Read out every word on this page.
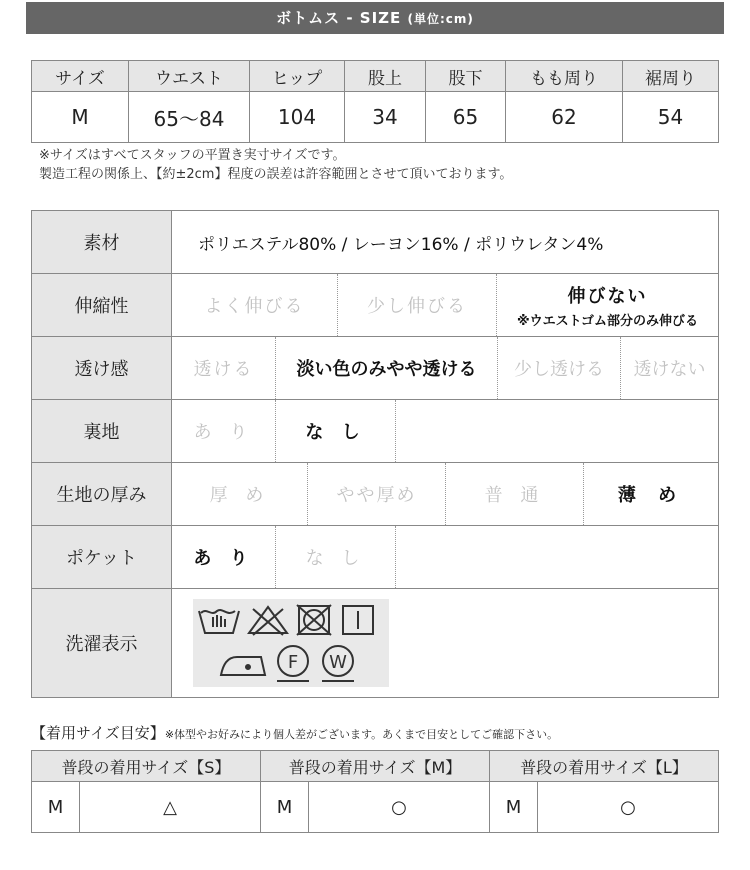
ボトムス - SIZE (単位:cm)
サイズ	ウエスト	ヒップ	股上	股下	もも周り	裾周り
M	65〜84	104	34	65	62	54
※サイズはすべてスタッフの平置き実寸サイズです。
製造工程の関係上、【約±2cm】程度の誤差は許容範囲とさせて頂いております。
素材	ポリエステル80% / レーヨン16% / ポリウレタン4%
伸縮性	よく伸びる	少し伸びる	伸びない
※ウエストゴム部分のみ伸びる
透け感	透ける	淡い色のみやや透ける	少し透ける	透けない
裏地	あ り	な し
生地の厚み	厚 め	やや厚め	普 通	薄 め
ポケット	あ り	な し
洗濯表示
F W
【着用サイズ目安】※体型やお好みにより個人差がございます。あくまで目安としてご確認下さい。
普段の着用サイズ【S】		普段の着用サイズ【M】		普段の着用サイズ【L】	
M	△	M	○	M	○
